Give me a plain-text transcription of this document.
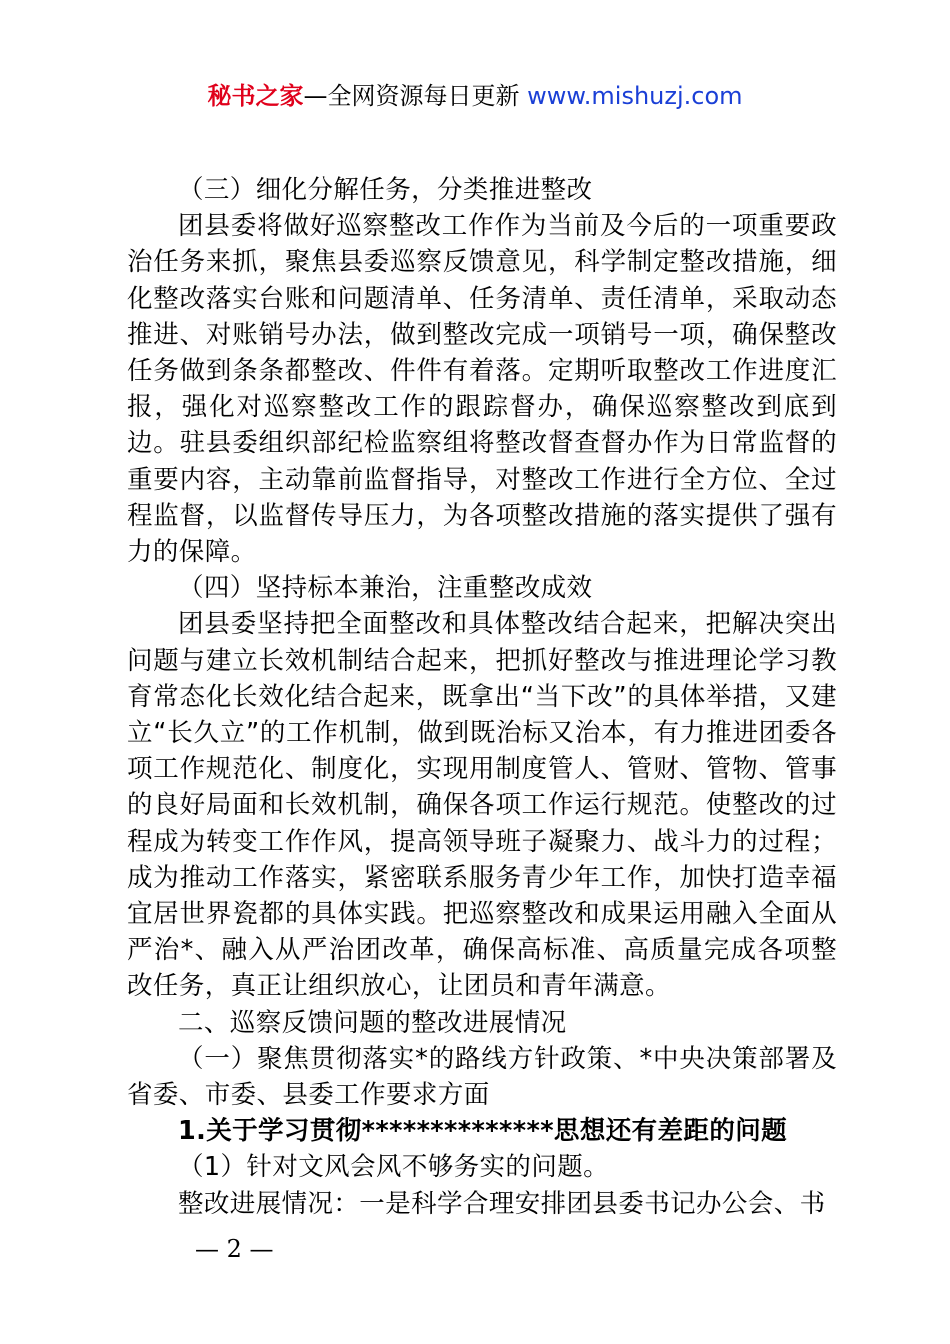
秘书之家—全网资源每日更新 www.mishuzj.com

（三）细化分解任务，分类推进整改

团县委将做好巡察整改工作作为当前及今后的一项重要政治任务来抓，聚焦县委巡察反馈意见，科学制定整改措施，细化整改落实台账和问题清单、任务清单、责任清单，采取动态推进、对账销号办法，做到整改完成一项销号一项，确保整改任务做到条条都整改、件件有着落。定期听取整改工作进度汇报，强化对巡察整改工作的跟踪督办，确保巡察整改到底到边。驻县委组织部纪检监察组将整改督查督办作为日常监督的重要内容，主动靠前监督指导，对整改工作进行全方位、全过程监督，以监督传导压力，为各项整改措施的落实提供了强有力的保障。

（四）坚持标本兼治，注重整改成效

团县委坚持把全面整改和具体整改结合起来，把解决突出问题与建立长效机制结合起来，把抓好整改与推进理论学习教育常态化长效化结合起来，既拿出“当下改”的具体举措，又建立“长久立”的工作机制，做到既治标又治本，有力推进团委各项工作规范化、制度化，实现用制度管人、管财、管物、管事的良好局面和长效机制，确保各项工作运行规范。使整改的过程成为转变工作作风，提高领导班子凝聚力、战斗力的过程；成为推动工作落实，紧密联系服务青少年工作，加快打造幸福宜居世界瓷都的具体实践。把巡察整改和成果运用融入全面从严治*、融入从严治团改革，确保高标准、高质量完成各项整改任务，真正让组织放心，让团员和青年满意。

二、巡察反馈问题的整改进展情况

（一）聚焦贯彻落实*的路线方针政策、*中央决策部署及省委、市委、县委工作要求方面

1.关于学习贯彻**************思想还有差距的问题

（1）针对文风会风不够务实的问题。

整改进展情况：一是科学合理安排团县委书记办公会、书

— 2 —
